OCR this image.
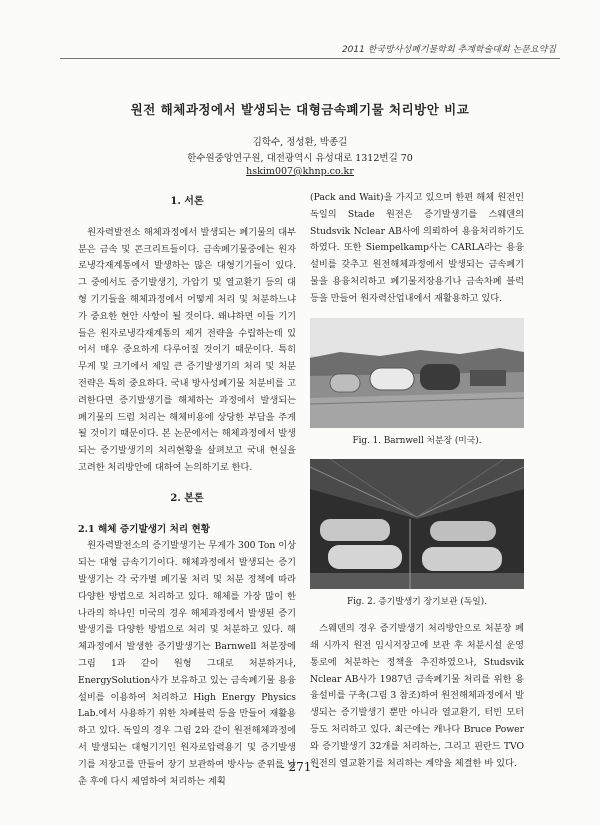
2011 한국방사성폐기물학회 추계학술대회 논문요약집
원전 해체과정에서 발생되는 대형금속폐기물 처리방안 비교
김학수, 정성환, 박종길
한수원중앙연구원, 대전광역시 유성대로 1312번길 70
hskim007@khnp.co.kr
1. 서론

원자력발전소 해체과정에서 발생되는 폐기물의 대부분은 금속 및 콘크리트들이다. 금속폐기물중에는 원자로냉각재계통에서 발생하는 많은 대형기기들이 있다. 그 중에서도 증기발생기, 가압기 및 열교환기 등의 대형 기기들을 해체과정에서 어떻게 처리 및 처분하느냐가 중요한 현안 사항이 될 것이다. 왜냐하면 이들 기기들은 원자로냉각재계통의 제거 전략을 수립하는데 있어서 매우 중요하게 다루어질 것이기 때문이다. 특히 무게 및 크기에서 제일 큰 증기발생기의 처리 및 처분전략은 특히 중요하다. 국내 방사성폐기물 처분비를 고려한다면 증기발생기를 해체하는 과정에서 발생되는 폐기물의 드럼 처리는 해체비용에 상당한 부담을 주게 될 것이기 때문이다. 본 논문에서는 해체과정에서 발생되는 증기발생기의 처리현황을 살펴보고 국내 현실을 고려한 처리방안에 대하여 논의하기로 한다.

2. 본론
2.1 해체 증기발생기 처리 현황

원자력발전소의 증기발생기는 무게가 300 Ton 이상 되는 대형 금속기기이다. 해체과정에서 발생되는 증기발생기는 각 국가별 폐기물 처리 및 처분 정책에 따라 다양한 방법으로 처리하고 있다. 해체를 가장 많이 한 나라의 하나인 미국의 경우 해체과정에서 발생된 증기발생기를 다양한 방법으로 처리 및 처분하고 있다. 해체과정에서 발생한 증기발생기는 Barnwell 처분장에 그림 1과 같이 원형 그대로 처분하거나, EnergySolution사가 보유하고 있는 금속폐기물 용융설비를 이용하여 처리하고 High Energy Physics Lab.에서 사용하기 위한 차폐블럭 등을 만들어 재활용하고 있다. 독일의 경우 그림 2와 같이 원전해체과정에서 발생되는 대형기기인 원자로압력용기 및 증기발생기를 저장고를 만들어 장기 보관하여 방사능 준위를 낮춘 후에 다시 제염하여 처리하는 계획

(Pack and Wait)을 가지고 있으며 한편 해체 원전인 독일의 Stade 원전은 증기발생기를 스웨덴의 Studsvik Nclear AB사에 의뢰하여 용융처리하기도 하였다. 또한 Siempelkamp사는 CARLA라는 용융설비를 갖추고 원전해체과정에서 발생되는 금속폐기물을 용융처리하고 폐기물저장용기나 금속차폐 블럭 등을 만들어 원자력산업내에서 재활용하고 있다.

Fig. 1. Barnwell 처분장 (미국).
Fig. 2. 증기발생기 장기보관 (독일).

스웨덴의 경우 증기발생기 처리방안으로 처분장 폐쇄 시까지 원전 임시저장고에 보관 후 처분시설 운영 통로에 처분하는 정책을 추진하였으나, Studsvik Nclear AB사가 1987년 금속폐기물 처리를 위한 용융설비를 구축(그림 3 참조)하여 원전해체과정에서 발생되는 증기발생기 뿐만 아니라 열교환기, 터빈 모터 등도 처리하고 있다. 최근에는 캐나다 Bruce Power와 증기발생기 32개를 처리하는, 그리고 핀란드 TVO 원전의 열교환기를 처리하는 계약을 체결한 바 있다.

- 271 -
